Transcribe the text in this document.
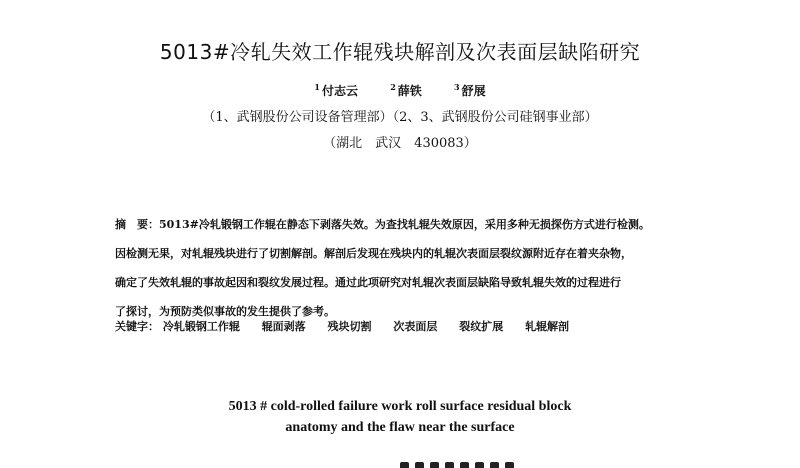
5013#冷轧失效工作辊残块解剖及次表面层缺陷研究
$^1$ 付志云	$^2$ 薛铁	$^3$ 舒展
（1、武钢股份公司设备管理部）（2、3、武钢股份公司硅钢事业部）
（湖北　武汉　430083）
摘　要：5013#冷轧锻钢工作辊在静态下剥落失效。为查找轧辊失效原因，采用多种无损探伤方式进行检测。
因检测无果，对轧辊残块进行了切割解剖。解剖后发现在残块内的轧辊次表面层裂纹源附近存在着夹杂物，
确定了失效轧辊的事故起因和裂纹发展过程。通过此项研究对轧辊次表面层缺陷导致轧辊失效的过程进行
了探讨，为预防类似事故的发生提供了参考。
关键字： 冷轧锻钢工作辊 辊面剥落 残块切割 次表面层 裂纹扩展 轧辊解剖
5013 # cold-rolled failure work roll surface residual block
anatomy and the flaw near the surface
